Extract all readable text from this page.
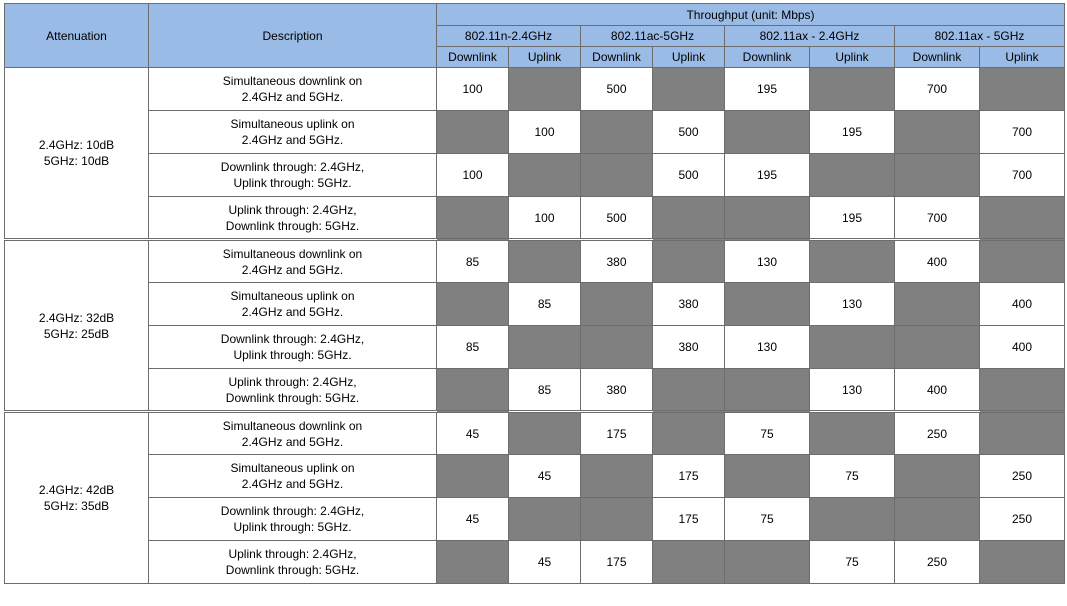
Attenuation	Description	Throughput (unit: Mbps)							
		802.11n-2.4GHz		802.11ac-5GHz		802.11ax - 2.4GHz		802.11ax - 5GHz	
		Downlink	Uplink	Downlink	Uplink	Downlink	Uplink	Downlink	Uplink
2.4GHz: 10dB
5GHz: 10dB	Simultaneous downlink on
2.4GHz and 5GHz.	100		500		195		700	
	Simultaneous uplink on
2.4GHz and 5GHz.		100		500		195		700
	Downlink through: 2.4GHz,
Uplink through: 5GHz.	100			500	195			700
	Uplink through: 2.4GHz,
Downlink through: 5GHz.		100	500			195	700	
2.4GHz: 32dB
5GHz: 25dB	Simultaneous downlink on
2.4GHz and 5GHz.	85		380		130		400	
	Simultaneous uplink on
2.4GHz and 5GHz.		85		380		130		400
	Downlink through: 2.4GHz,
Uplink through: 5GHz.	85			380	130			400
	Uplink through: 2.4GHz,
Downlink through: 5GHz.		85	380			130	400	
2.4GHz: 42dB
5GHz: 35dB	Simultaneous downlink on
2.4GHz and 5GHz.	45		175		75		250	
	Simultaneous uplink on
2.4GHz and 5GHz.		45		175		75		250
	Downlink through: 2.4GHz,
Uplink through: 5GHz.	45			175	75			250
	Uplink through: 2.4GHz,
Downlink through: 5GHz.		45	175			75	250	
